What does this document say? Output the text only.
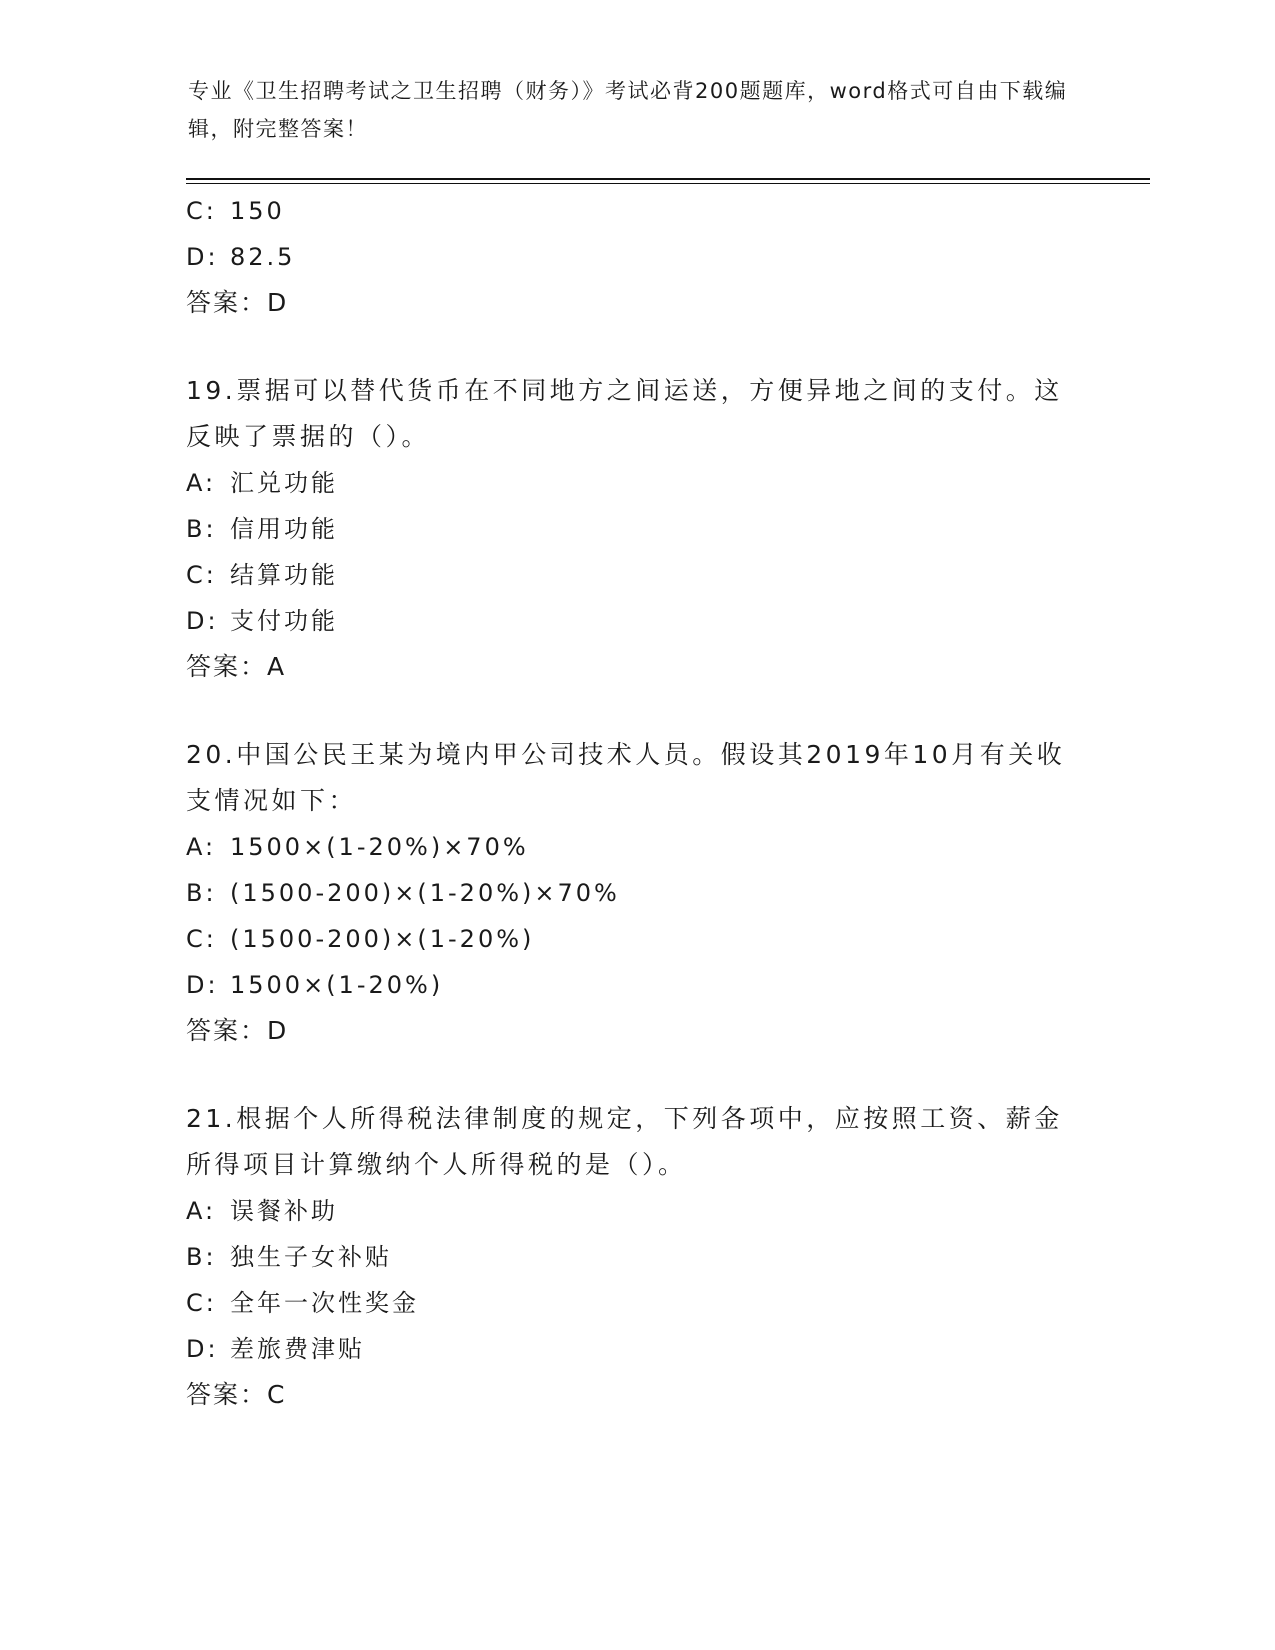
专业《卫生招聘考试之卫生招聘（财务）》考试必背200题题库，word格式可自由下载编辑，附完整答案！
C: 150
D: 82.5
答案：D
19.票据可以替代货币在不同地方之间运送，方便异地之间的支付。这反映了票据的（）。
A: 汇兑功能
B: 信用功能
C: 结算功能
D: 支付功能
答案：A
20.中国公民王某为境内甲公司技术人员。假设其2019年10月有关收支情况如下：
A: 1500×(1-20%)×70%
B: (1500-200)×(1-20%)×70%
C: (1500-200)×(1-20%)
D: 1500×(1-20%)
答案：D
21.根据个人所得税法律制度的规定，下列各项中，应按照工资、薪金所得项目计算缴纳个人所得税的是（）。
A: 误餐补助
B: 独生子女补贴
C: 全年一次性奖金
D: 差旅费津贴
答案：C
